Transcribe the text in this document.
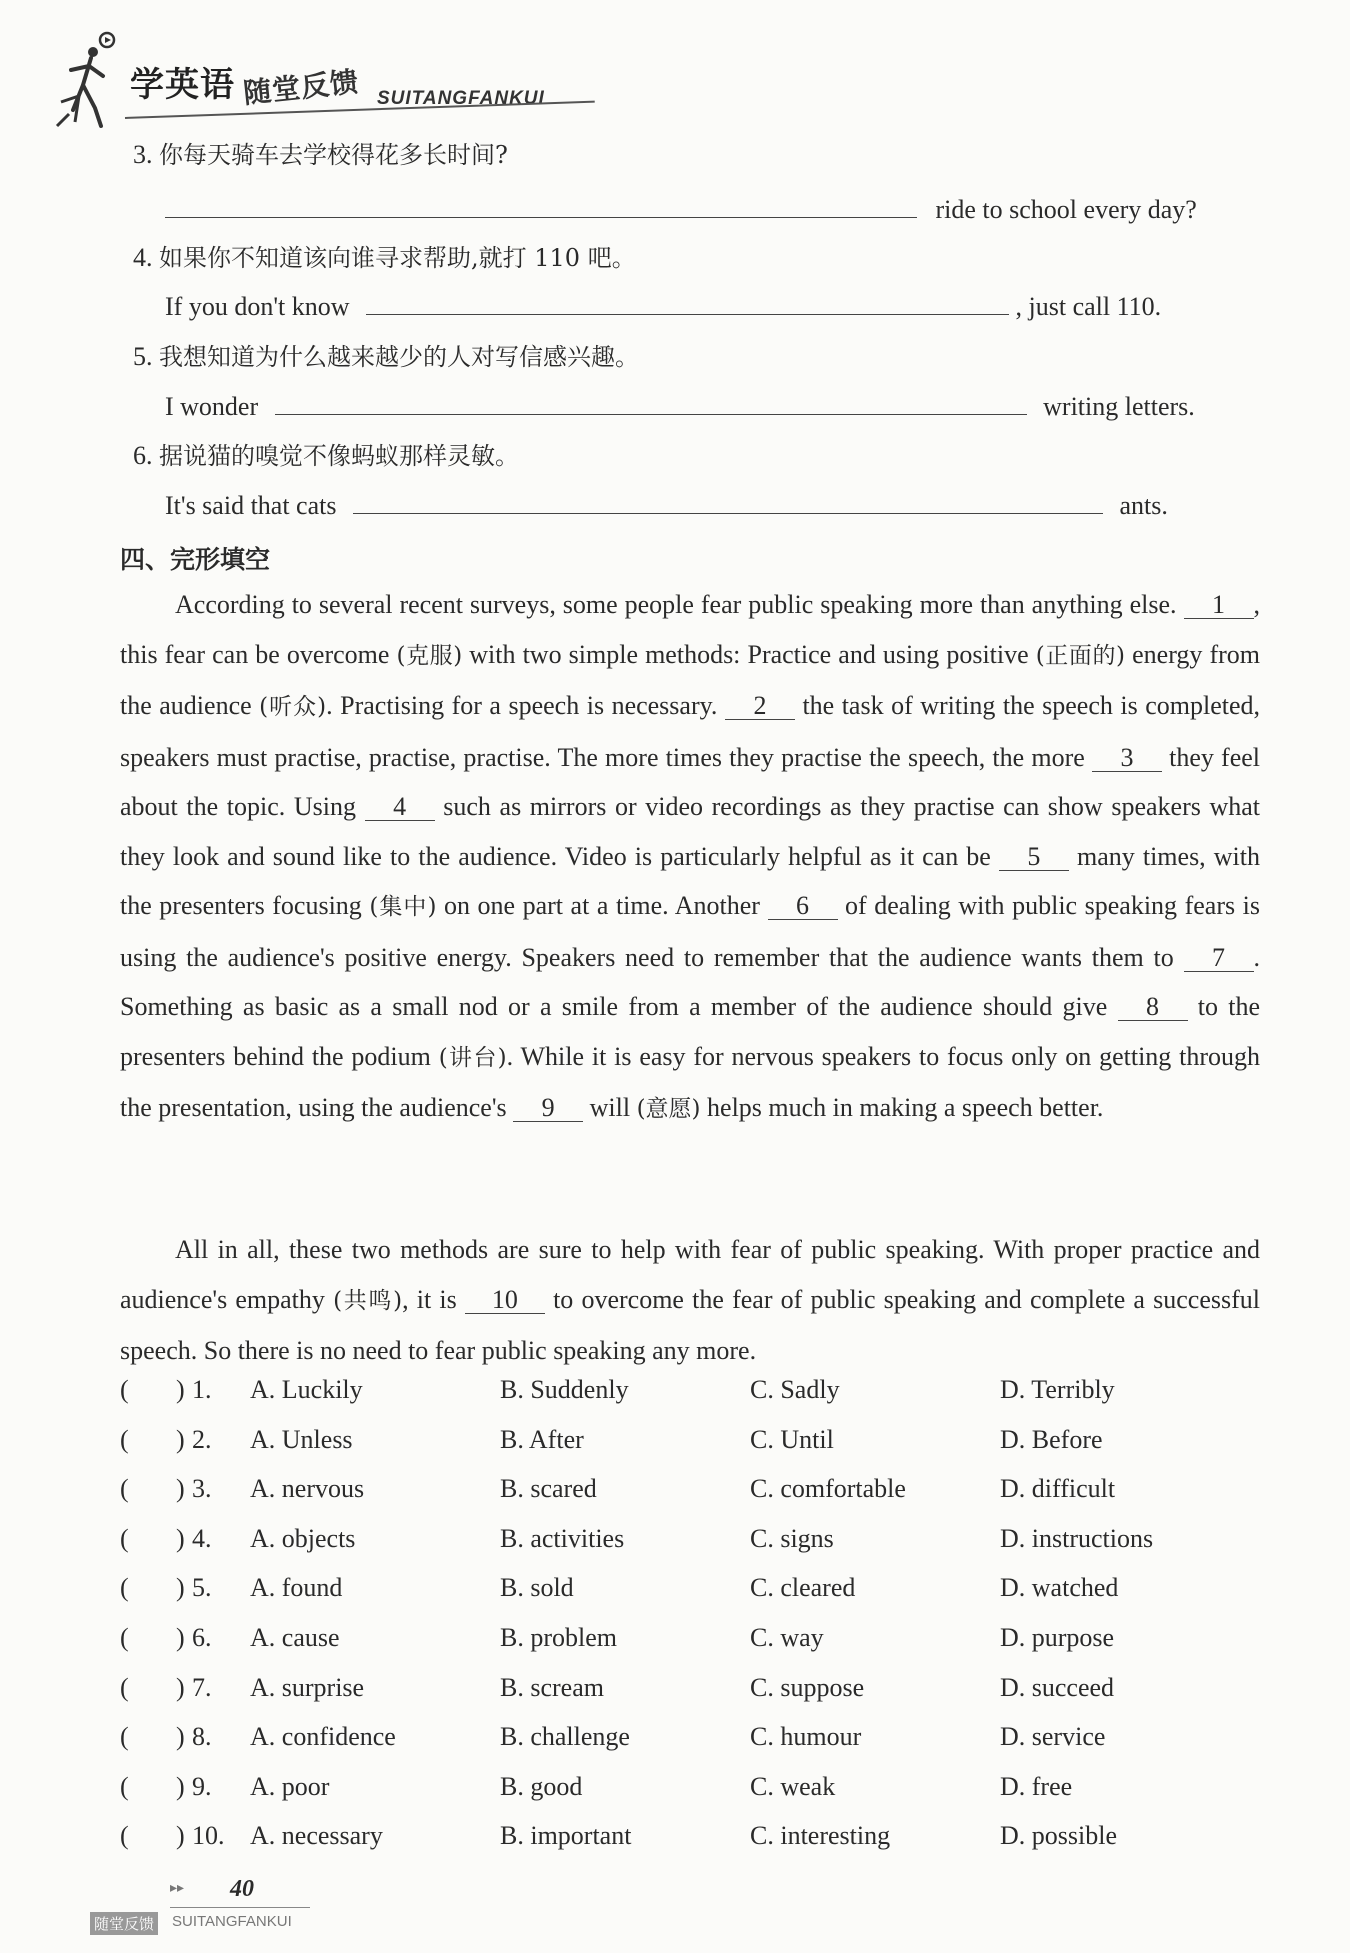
学英语 随堂反馈 SUITANGFANKUI
3. 你每天骑车去学校得花多长时间?
ride to school every day?
4. 如果你不知道该向谁寻求帮助,就打 110 吧。
If you don't know	, just call 110.
5. 我想知道为什么越来越少的人对写信感兴趣。
I wonder	writing letters.
6. 据说猫的嗅觉不像蚂蚁那样灵敏。
It's said that cats	ants.
四、完形填空
According to several recent surveys, some people fear public speaking more than anything else. 1 , this fear can be overcome (克服) with two simple methods: Practice and using positive (正面的) energy from the audience (听众). Practising for a speech is necessary. 2 the task of writing the speech is completed, speakers must practise, practise, practise. The more times they practise the speech, the more 3 they feel about the topic. Using 4 such as mirrors or video recordings as they practise can show speakers what they look and sound like to the audience. Video is particularly helpful as it can be 5 many times, with the presenters focusing (集中) on one part at a time. Another 6 of dealing with public speaking fears is using the audience's positive energy. Speakers need to remember that the audience wants them to 7 . Something as basic as a small nod or a smile from a member of the audience should give 8 to the presenters behind the podium (讲台). While it is easy for nervous speakers to focus only on getting through the presentation, using the audience's 9 will (意愿) helps much in making a speech better.
All in all, these two methods are sure to help with fear of public speaking. With proper practice and audience's empathy (共鸣), it is 10 to overcome the fear of public speaking and complete a successful speech. So there is no need to fear public speaking any more.
( 1. A. Luckily	B. Suddenly	C. Sadly	D. Terribly
)
( 2. A. Unless	B. After	C. Until	D. Before
)
( 3. A. nervous	B. scared	C. comfortable	D. difficult
)
( 4. A. objects	B. activities	C. signs	D. instructions
)
( 5. A. found	B. sold	C. cleared	D. watched
)
( 6. A. cause	B. problem	C. way	D. purpose
)
( 7. A. surprise	B. scream	C. suppose	D. succeed
)
( 8. A. confidence	B. challenge	C. humour	D. service
)
( 9. A. poor	B. good	C. weak	D. free
)
( 10. A. necessary	B. important	C. interesting	D. possible
)
▸▸ 40
随堂反馈 SUITANGFANKUI
